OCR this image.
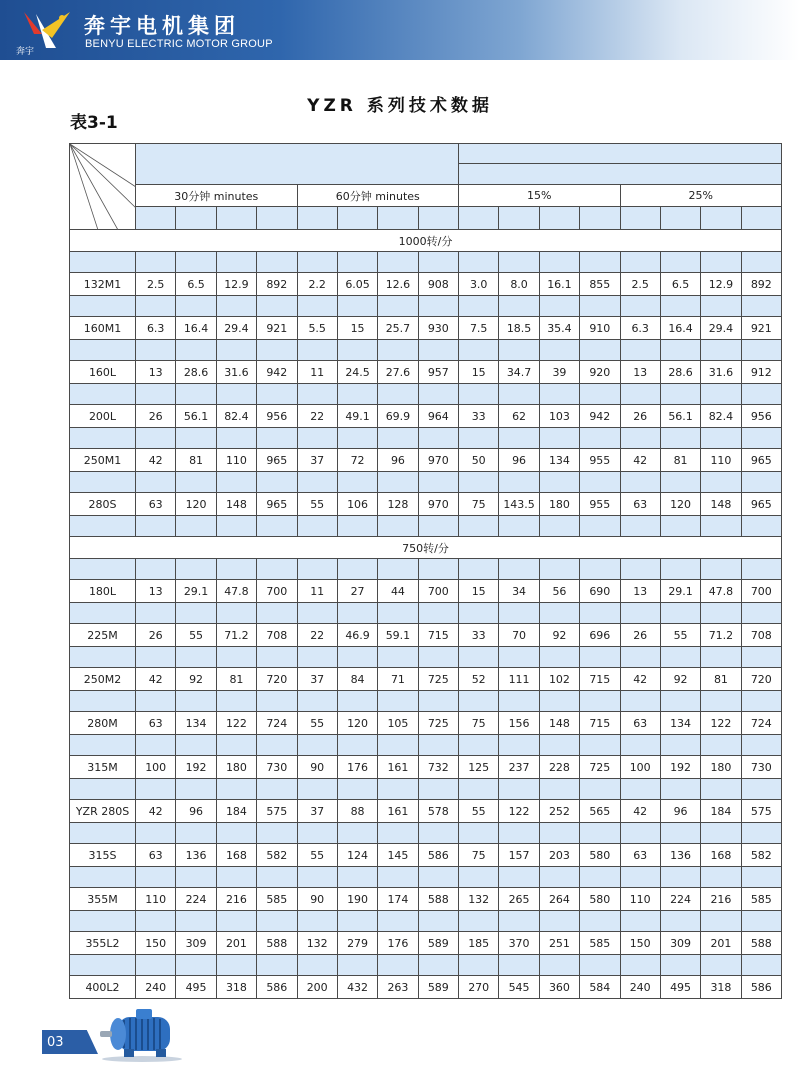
奔宇
奔宇电机集团
BENYU ELECTRIC MOTOR GROUP
YZR 系列技术数据
表3-1

	30分钟 minutes				60分钟 minutes				15%				25%			

1000转/分																

132M1	2.5	6.5	12.9	892	2.2	6.05	12.6	908	3.0	8.0	16.1	855	2.5	6.5	12.9	892

160M1	6.3	16.4	29.4	921	5.5	15	25.7	930	7.5	18.5	35.4	910	6.3	16.4	29.4	921

160L	13	28.6	31.6	942	11	24.5	27.6	957	15	34.7	39	920	13	28.6	31.6	912

200L	26	56.1	82.4	956	22	49.1	69.9	964	33	62	103	942	26	56.1	82.4	956

250M1	42	81	110	965	37	72	96	970	50	96	134	955	42	81	110	965

280S	63	120	148	965	55	106	128	970	75	143.5	180	955	63	120	148	965

750转/分																

180L	13	29.1	47.8	700	11	27	44	700	15	34	56	690	13	29.1	47.8	700

225M	26	55	71.2	708	22	46.9	59.1	715	33	70	92	696	26	55	71.2	708

250M2	42	92	81	720	37	84	71	725	52	111	102	715	42	92	81	720

280M	63	134	122	724	55	120	105	725	75	156	148	715	63	134	122	724

315M	100	192	180	730	90	176	161	732	125	237	228	725	100	192	180	730

YZR 280S	42	96	184	575	37	88	161	578	55	122	252	565	42	96	184	575

315S	63	136	168	582	55	124	145	586	75	157	203	580	63	136	168	582

355M	110	224	216	585	90	190	174	588	132	265	264	580	110	224	216	585

355L2	150	309	201	588	132	279	176	589	185	370	251	585	150	309	201	588

400L2	240	495	318	586	200	432	263	589	270	545	360	584	240	495	318	586
03
